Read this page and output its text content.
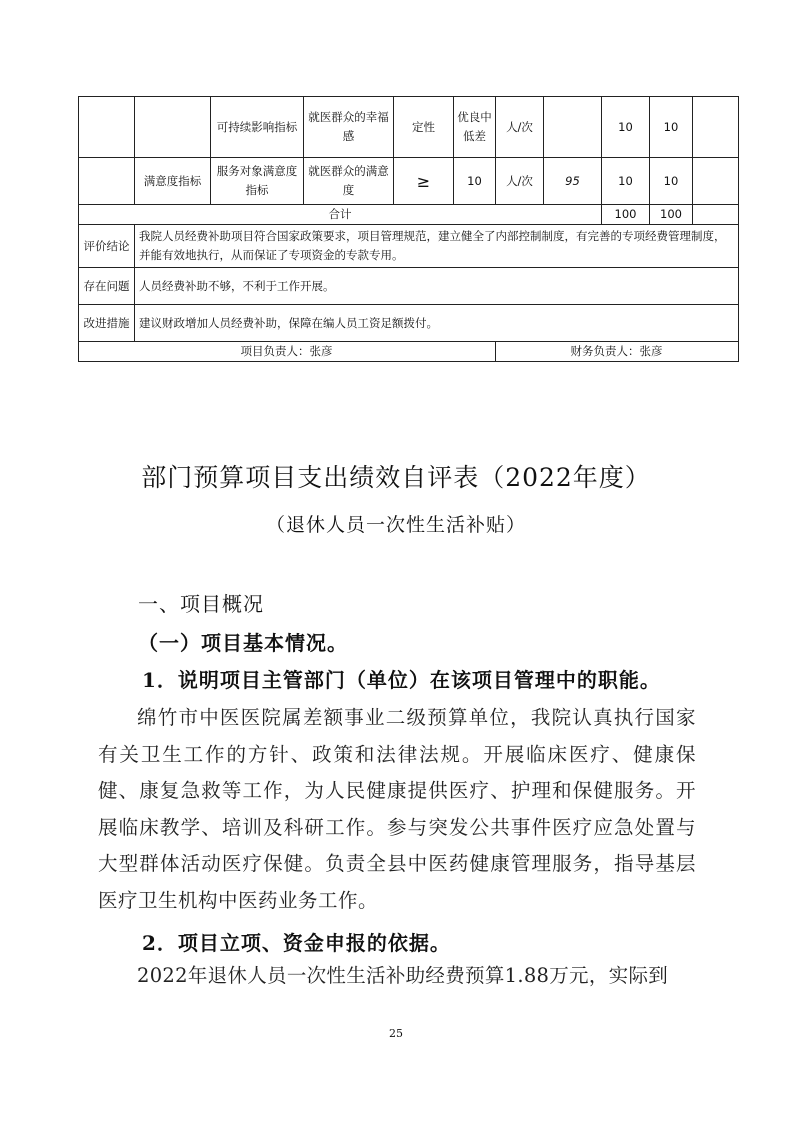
		可持续影响指标	就医群众的幸福感	定性	优良中低差	人/次		10	10	
	满意度指标	服务对象满意度指标	就医群众的满意度	≥	10	人/次	95	10	10	
合计								100	100	
评价结论	我院人员经费补助项目符合国家政策要求，项目管理规范，建立健全了内部控制制度，有完善的专项经费管理制度，并能有效地执行，从而保证了专项资金的专款专用。									
存在问题	人员经费补助不够，不利于工作开展。									
改进措施	建议财政增加人员经费补助，保障在编人员工资足额拨付。									
项目负责人：张彦						财务负责人：张彦				
部门预算项目支出绩效自评表（2022年度）
（退休人员一次性生活补贴）
一、项目概况
（一）项目基本情况。
1．说明项目主管部门（单位）在该项目管理中的职能。

绵竹市中医医院属差额事业二级预算单位，我院认真执行国家有关卫生工作的方针、政策和法律法规。开展临床医疗、健康保健、康复急救等工作，为人民健康提供医疗、护理和保健服务。开展临床教学、培训及科研工作。参与突发公共事件医疗应急处置与大型群体活动医疗保健。负责全县中医药健康管理服务，指导基层医疗卫生机构中医药业务工作。

2．项目立项、资金申报的依据。

2022年退休人员一次性生活补助经费预算1.88万元，实际到

25
